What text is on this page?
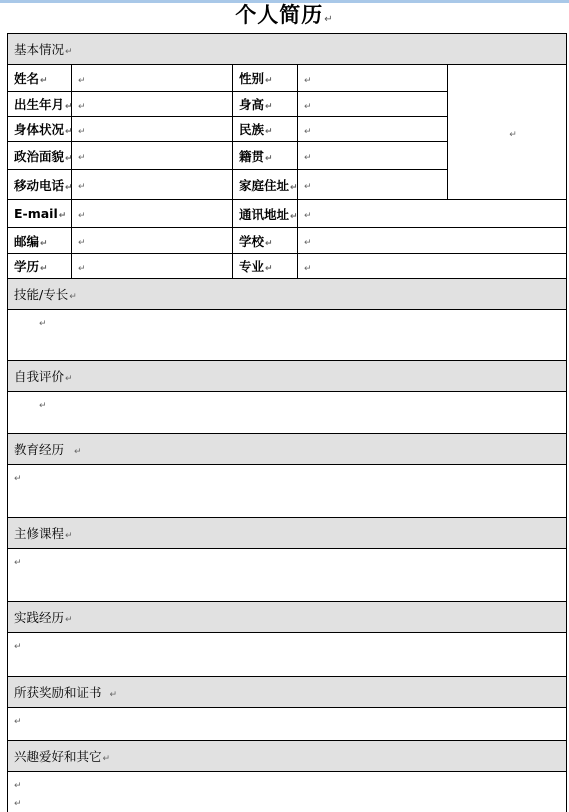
个人简历↵
基本情况↵				
姓名↵	↵	性别↵	↵	↵
出生年月↵	↵	身高↵	↵	
身体状况↵	↵	民族↵	↵	
政治面貌↵	↵	籍贯↵	↵	
移动电话↵	↵	家庭住址↵	↵	
E-mail↵	↵	通讯地址↵	↵	
邮编↵	↵	学校↵	↵	
学历↵	↵	专业↵	↵	
技能/专长↵				
↵				
自我评价↵				
↵				
教育经历 ↵				
↵				
主修课程↵				
↵				
实践经历↵				
↵				
所获奖励和证书 ↵				
↵				
兴趣爱好和其它↵				
↵
↵				
